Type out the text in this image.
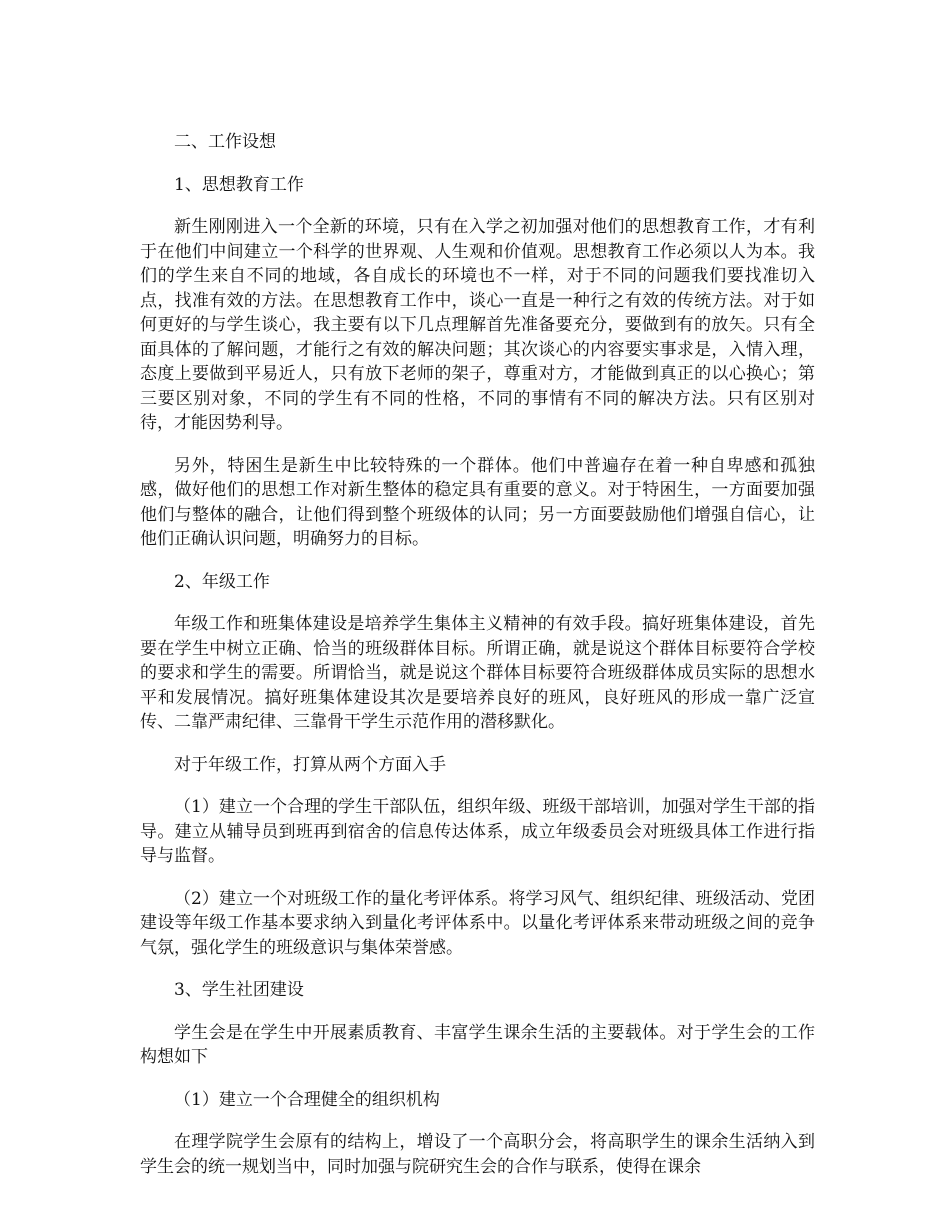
二、工作设想

1、思想教育工作

新生刚刚进入一个全新的环境，只有在入学之初加强对他们的思想教育工作，才有利于在他们中间建立一个科学的世界观、人生观和价值观。思想教育工作必须以人为本。我们的学生来自不同的地域，各自成长的环境也不一样，对于不同的问题我们要找准切入点，找准有效的方法。在思想教育工作中，谈心一直是一种行之有效的传统方法。对于如何更好的与学生谈心，我主要有以下几点理解首先准备要充分，要做到有的放矢。只有全面具体的了解问题，才能行之有效的解决问题；其次谈心的内容要实事求是，入情入理，态度上要做到平易近人，只有放下老师的架子，尊重对方，才能做到真正的以心换心；第三要区别对象，不同的学生有不同的性格，不同的事情有不同的解决方法。只有区别对待，才能因势利导。

另外，特困生是新生中比较特殊的一个群体。他们中普遍存在着一种自卑感和孤独感，做好他们的思想工作对新生整体的稳定具有重要的意义。对于特困生，一方面要加强他们与整体的融合，让他们得到整个班级体的认同；另一方面要鼓励他们增强自信心，让他们正确认识问题，明确努力的目标。

2、年级工作

年级工作和班集体建设是培养学生集体主义精神的有效手段。搞好班集体建设，首先要在学生中树立正确、恰当的班级群体目标。所谓正确，就是说这个群体目标要符合学校的要求和学生的需要。所谓恰当，就是说这个群体目标要符合班级群体成员实际的思想水平和发展情况。搞好班集体建设其次是要培养良好的班风，良好班风的形成一靠广泛宣传、二靠严肃纪律、三靠骨干学生示范作用的潜移默化。

对于年级工作，打算从两个方面入手

（1）建立一个合理的学生干部队伍，组织年级、班级干部培训，加强对学生干部的指导。建立从辅导员到班再到宿舍的信息传达体系，成立年级委员会对班级具体工作进行指导与监督。

（2）建立一个对班级工作的量化考评体系。将学习风气、组织纪律、班级活动、党团建设等年级工作基本要求纳入到量化考评体系中。以量化考评体系来带动班级之间的竞争气氛，强化学生的班级意识与集体荣誉感。

3、学生社团建设

学生会是在学生中开展素质教育、丰富学生课余生活的主要载体。对于学生会的工作构想如下

（1）建立一个合理健全的组织机构

在理学院学生会原有的结构上，增设了一个高职分会，将高职学生的课余生活纳入到学生会的统一规划当中，同时加强与院研究生会的合作与联系，使得在课余
